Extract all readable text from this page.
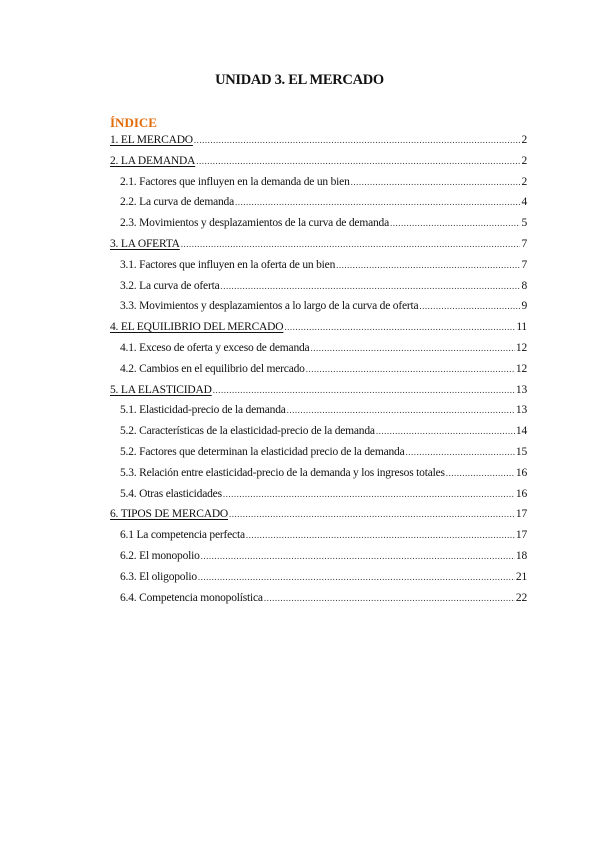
UNIDAD 3. EL MERCADO
ÍNDICE
1. EL MERCADO .....	2
2. LA DEMANDA .....	2
2.1. Factores que influyen en la demanda de un bien .....	2
2.2. La curva de demanda .....	4
2.3. Movimientos y desplazamientos de la curva de demanda .....	5
3. LA OFERTA .....	7
3.1. Factores que influyen en la oferta de un bien .....	7
3.2. La curva de oferta .....	8
3.3. Movimientos y desplazamientos a lo largo de la curva de oferta .....	9
4. EL EQUILIBRIO DEL MERCADO .....	11
4.1. Exceso de oferta y exceso de demanda .....	12
4.2. Cambios en el equilibrio del mercado .....	12
5. LA ELASTICIDAD .....	13
5.1. Elasticidad-precio de la demanda .....	13
5.2. Características de la elasticidad-precio de la demanda .....	14
5.2. Factores que determinan la elasticidad precio de la demanda .....	15
5.3. Relación entre elasticidad-precio de la demanda y los ingresos totales .....	16
5.4. Otras elasticidades .....	16
6. TIPOS DE MERCADO .....	17
6.1 La competencia perfecta .....	17
6.2. El monopolio .....	18
6.3. El oligopolio .....	21
6.4. Competencia monopolística .....	22
